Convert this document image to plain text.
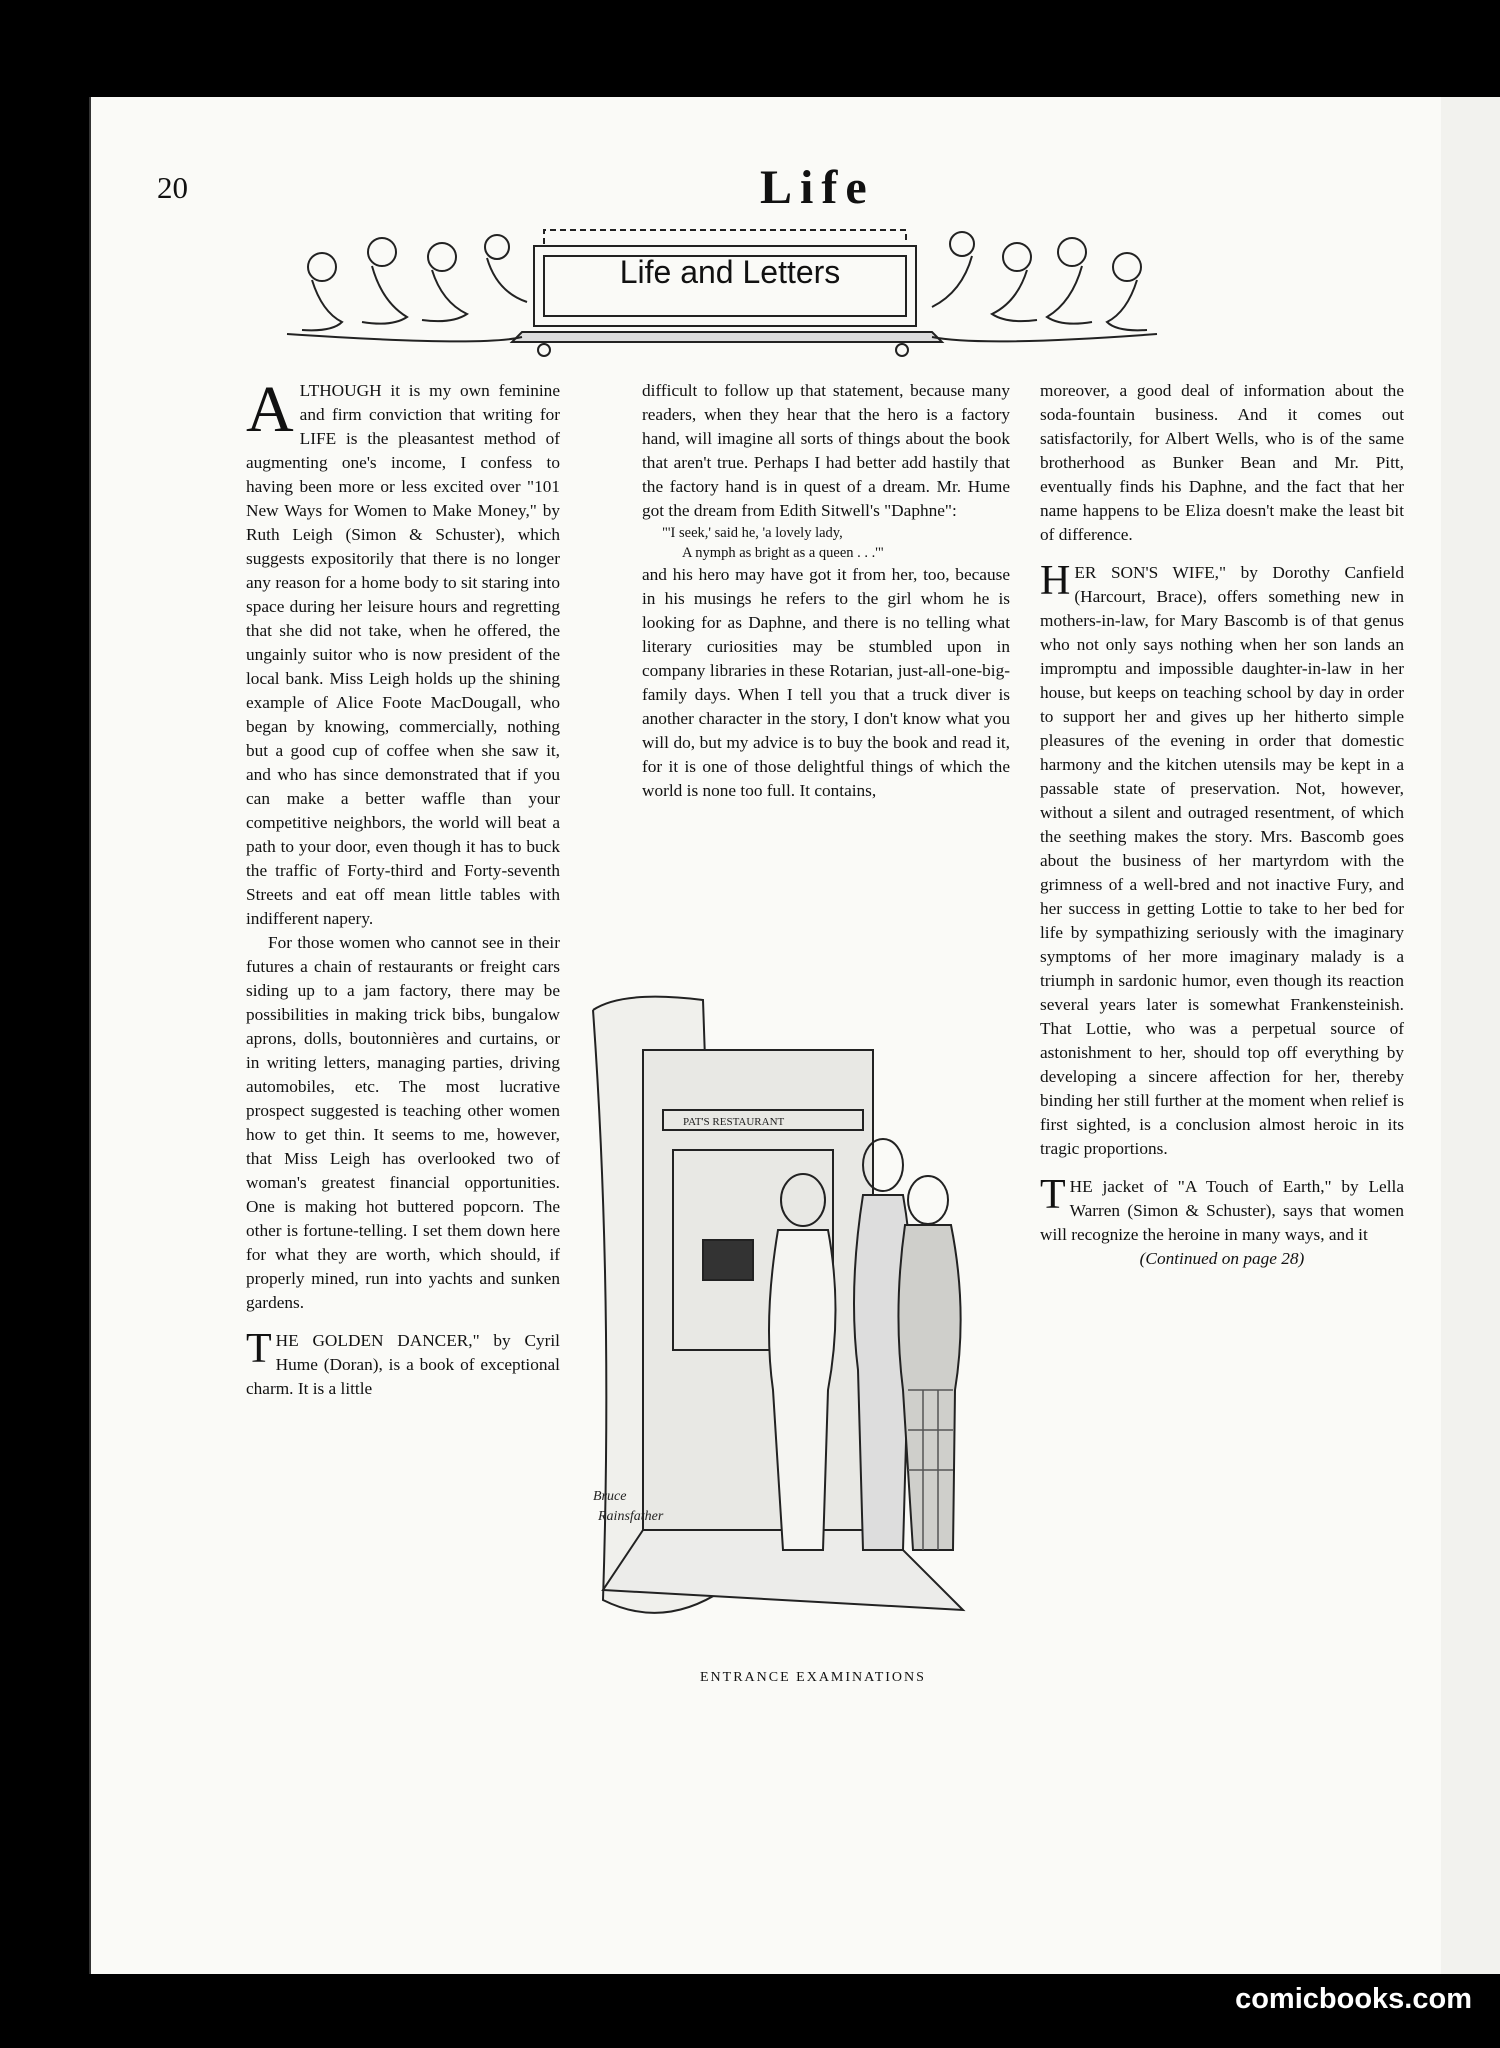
20	Life
Life and Letters

ALTHOUGH it is my own feminine and firm conviction that writing for LIFE is the pleasantest method of augmenting one's income, I confess to having been more or less excited over "101 New Ways for Women to Make Money," by Ruth Leigh (Simon & Schuster), which suggests expositorily that there is no longer any reason for a home body to sit staring into space during her leisure hours and regretting that she did not take, when he offered, the ungainly suitor who is now president of the local bank. Miss Leigh holds up the shining example of Alice Foote MacDougall, who began by knowing, commercially, nothing but a good cup of coffee when she saw it, and who has since demonstrated that if you can make a better waffle than your competitive neighbors, the world will beat a path to your door, even though it has to buck the traffic of Forty-third and Forty-seventh Streets and eat off mean little tables with indifferent napery.

For those women who cannot see in their futures a chain of restaurants or freight cars siding up to a jam factory, there may be possibilities in making trick bibs, bungalow aprons, dolls, boutonnières and curtains, or in writing letters, managing parties, driving automobiles, etc. The most lucrative prospect suggested is teaching other women how to get thin. It seems to me, however, that Miss Leigh has overlooked two of woman's greatest financial opportunities. One is making hot buttered popcorn. The other is fortune-telling. I set them down here for what they are worth, which should, if properly mined, run into yachts and sunken gardens.

THE GOLDEN DANCER," by Cyril Hume (Doran), is a book of exceptional charm. It is a little

difficult to follow up that statement, because many readers, when they hear that the hero is a factory hand, will imagine all sorts of things about the book that aren't true. Perhaps I had better add hastily that the factory hand is in quest of a dream. Mr. Hume got the dream from Edith Sitwell's "Daphne":

"'I seek,' said he, 'a lovely lady,
A nymph as bright as a queen . . .'"

and his hero may have got it from her, too, because in his musings he refers to the girl whom he is looking for as Daphne, and there is no telling what literary curiosities may be stumbled upon in company libraries in these Rotarian, just-all-one-big-family days. When I tell you that a truck diver is another character in the story, I don't know what you will do, but my advice is to buy the book and read it, for it is one of those delightful things of which the world is none too full. It contains,

moreover, a good deal of information about the soda-fountain business. And it comes out satisfactorily, for Albert Wells, who is of the same brotherhood as Bunker Bean and Mr. Pitt, eventually finds his Daphne, and the fact that her name happens to be Eliza doesn't make the least bit of difference.

HER SON'S WIFE," by Dorothy Canfield (Harcourt, Brace), offers something new in mothers-in-law, for Mary Bascomb is of that genus who not only says nothing when her son lands an impromptu and impossible daughter-in-law in her house, but keeps on teaching school by day in order to support her and gives up her hitherto simple pleasures of the evening in order that domestic harmony and the kitchen utensils may be kept in a passable state of preservation. Not, however, without a silent and outraged resentment, of which the seething makes the story. Mrs. Bascomb goes about the business of her martyrdom with the grimness of a well-bred and not inactive Fury, and her success in getting Lottie to take to her bed for life by sympathizing seriously with the imaginary symptoms of her more imaginary malady is a triumph in sardonic humor, even though its reaction several years later is somewhat Frankensteinish. That Lottie, who was a perpetual source of astonishment to her, should top off everything by developing a sincere affection for her, thereby binding her still further at the moment when relief is first sighted, is a conclusion almost heroic in its tragic proportions.

THE jacket of "A Touch of Earth," by Lella Warren (Simon & Schuster), says that women will recognize the heroine in many ways, and it

(Continued on page 28)

PAT'S RESTAURANT
Bruce
Rainsfather
ENTRANCE EXAMINATIONS
comicbooks.com
